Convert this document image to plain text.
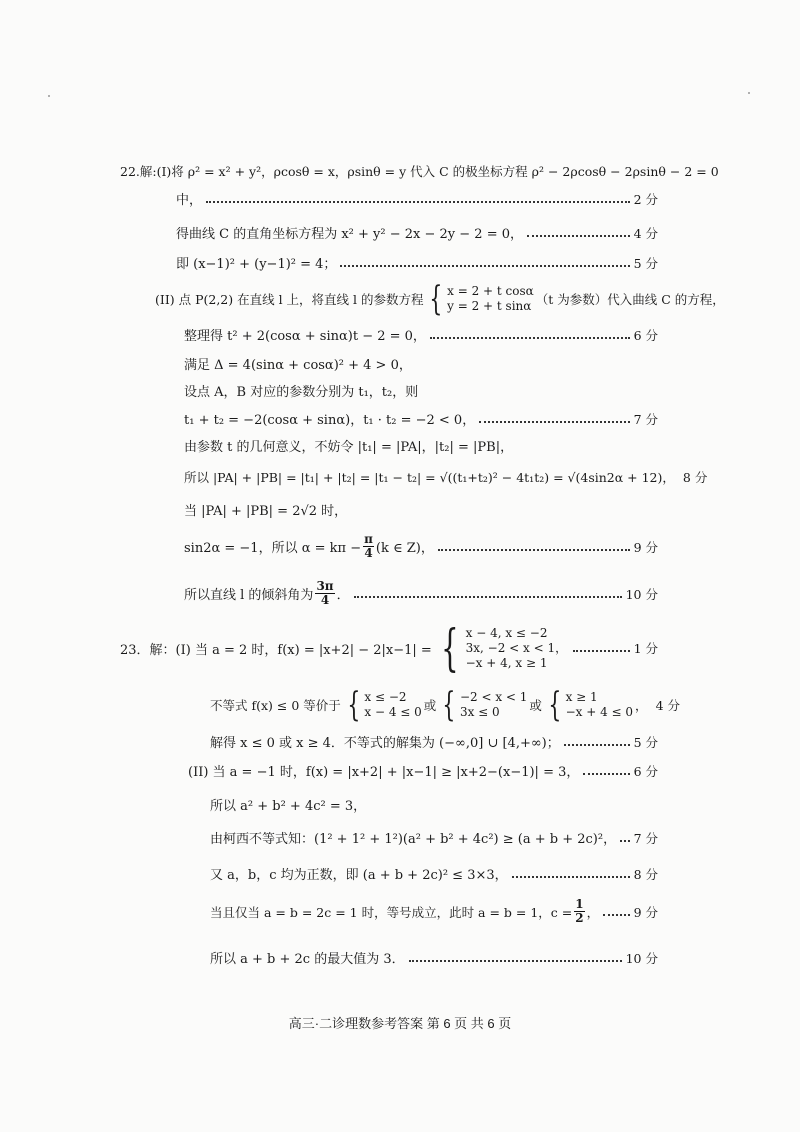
22.解:(I)将 ρ² = x² + y²，ρcosθ = x，ρsinθ = y 代入 C 的极坐标方程 ρ² − 2ρcosθ − 2ρsinθ − 2 = 0
中，	2 分
得曲线 C 的直角坐标方程为 x² + y² − 2x − 2y − 2 = 0，	4 分
即 (x−1)² + (y−1)² = 4；	5 分
(II) 点 P(2,2) 在直线 l 上，将直线 l 的参数方程 { x = 2 + t cosα
y = 2 + t sinα （t 为参数）代入曲线 C 的方程，
整理得 t² + 2(cosα + sinα)t − 2 = 0，	6 分
满足 Δ = 4(sinα + cosα)² + 4 > 0，
设点 A，B 对应的参数分别为 t₁，t₂，则
t₁ + t₂ = −2(cosα + sinα)，t₁ · t₂ = −2 < 0，	7 分
由参数 t 的几何意义，不妨令 |t₁| = |PA|，|t₂| = |PB|，
所以 |PA| + |PB| = |t₁| + |t₂| = |t₁ − t₂| = √((t₁+t₂)² − 4t₁t₂) = √(4sin2α + 12)， 8 分
当 |PA| + |PB| = 2√2 时，
sin2α = −1，所以 $\alpha = k\pi - \frac{\pi}{4} (k$ ∈ Z)，	9 分
所以直线 l 的倾斜角为 $\frac{3\pi}{4}$ ．	10 分
23．解：(I) 当 a = 2 时，f(x) = |x+2| − 2|x−1| = { x − 4, x ≤ −2
3x, −2 < x < 1，
−x + 4, x ≥ 1
1 分
不等式 f(x) ≤ 0 等价于 { x ≤ −2
x − 4 ≤ 0 或 { −2 < x < 1
3x ≤ 0	或 { x ≥ 1
−x + 4 ≤ 0 ， 4 分
解得 x ≤ 0 或 x ≥ 4．不等式的解集为 (−∞,0] ∪ [4,+∞)；	5 分
(II) 当 a = −1 时，f(x) = |x+2| + |x−1| ≥ |x+2−(x−1)| = 3，	6 分
所以 a² + b² + 4c² = 3，
由柯西不等式知：(1² + 1² + 1²)(a² + b² + 4c²) ≥ (a + b + 2c)²， 7 分
又 a，b，c 均为正数，即 (a + b + 2c)² ≤ 3×3，	8 分
当且仅当 a = b = 2c = 1 时，等号成立，此时 a = b = 1，$c = \frac{1}{2}$ ，	9 分
所以 a + b + 2c 的最大值为 3．	10 分
高三·二诊理数参考答案 第 6 页 共 6 页
